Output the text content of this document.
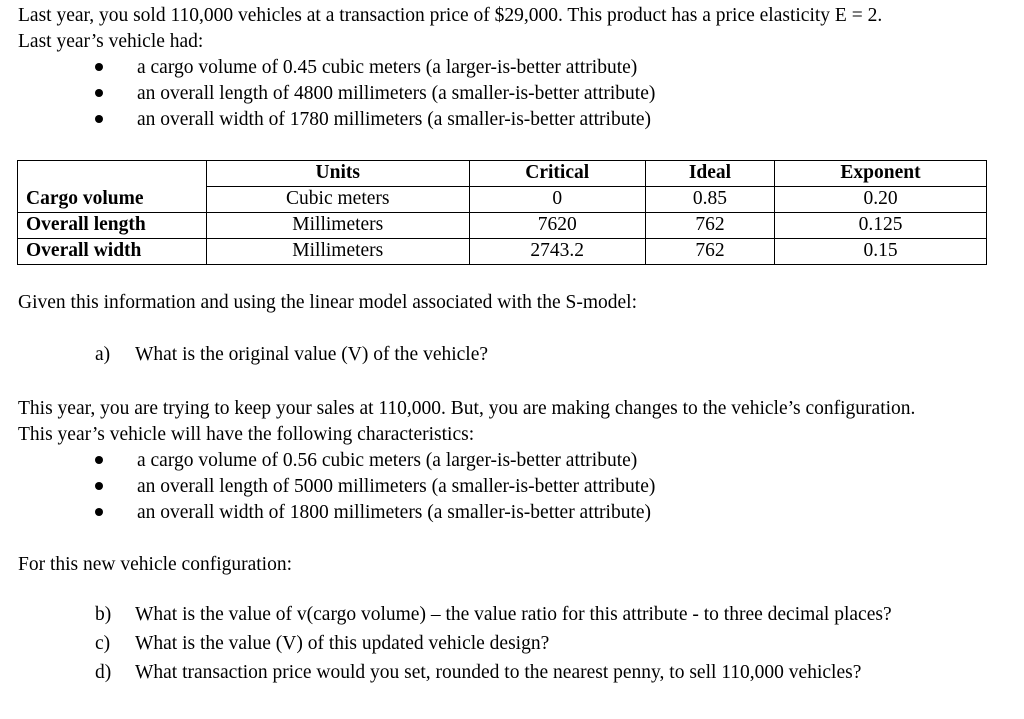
Last year, you sold 110,000 vehicles at a transaction price of $29,000. This product has a price elasticity E = 2.
Last year’s vehicle had:
a cargo volume of 0.45 cubic meters (a larger-is-better attribute)
an overall length of 4800 millimeters (a smaller-is-better attribute)
an overall width of 1780 millimeters (a smaller-is-better attribute)
	Units	Critical	Ideal	Exponent
Cargo volume	Cubic meters	0	0.85	0.20
Overall length	Millimeters	7620	762	0.125
Overall width	Millimeters	2743.2	762	0.15
Given this information and using the linear model associated with the S-model:
a) What is the original value (V) of the vehicle?
This year, you are trying to keep your sales at 110,000. But, you are making changes to the vehicle’s configuration.
This year’s vehicle will have the following characteristics:
a cargo volume of 0.56 cubic meters (a larger-is-better attribute)
an overall length of 5000 millimeters (a smaller-is-better attribute)
an overall width of 1800 millimeters (a smaller-is-better attribute)
For this new vehicle configuration:
b) What is the value of v(cargo volume) – the value ratio for this attribute - to three decimal places?
c) What is the value (V) of this updated vehicle design?
d) What transaction price would you set, rounded to the nearest penny, to sell 110,000 vehicles?
